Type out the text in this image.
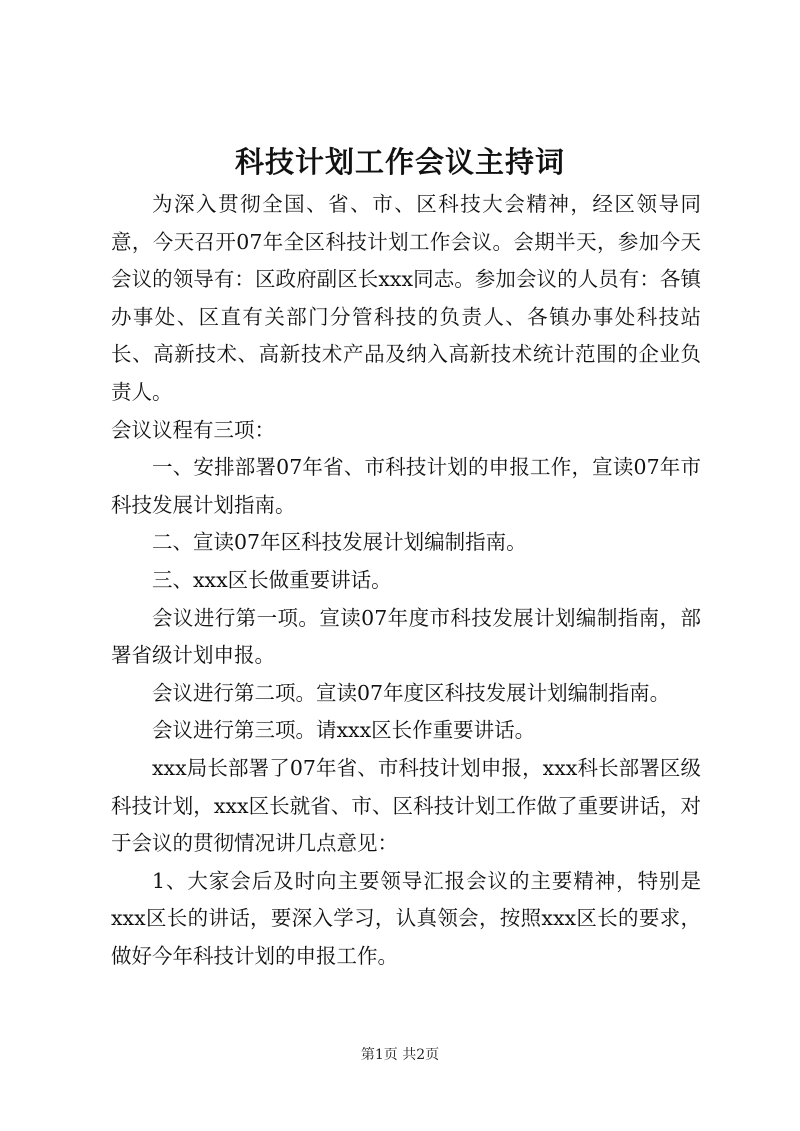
科技计划工作会议主持词

为深入贯彻全国、省、市、区科技大会精神，经区领导同意，今天召开07年全区科技计划工作会议。会期半天，参加今天会议的领导有：区政府副区长xxx同志。参加会议的人员有：各镇办事处、区直有关部门分管科技的负责人、各镇办事处科技站长、高新技术、高新技术产品及纳入高新技术统计范围的企业负责人。

会议议程有三项：

一、安排部署07年省、市科技计划的申报工作，宣读07年市科技发展计划指南。

二、宣读07年区科技发展计划编制指南。

三、xxx区长做重要讲话。

会议进行第一项。宣读07年度市科技发展计划编制指南，部署省级计划申报。

会议进行第二项。宣读07年度区科技发展计划编制指南。

会议进行第三项。请xxx区长作重要讲话。

xxx局长部署了07年省、市科技计划申报，xxx科长部署区级科技计划，xxx区长就省、市、区科技计划工作做了重要讲话，对于会议的贯彻情况讲几点意见：

1、大家会后及时向主要领导汇报会议的主要精神，特别是xxx区长的讲话，要深入学习，认真领会，按照xxx区长的要求，做好今年科技计划的申报工作。

第1页 共2页
